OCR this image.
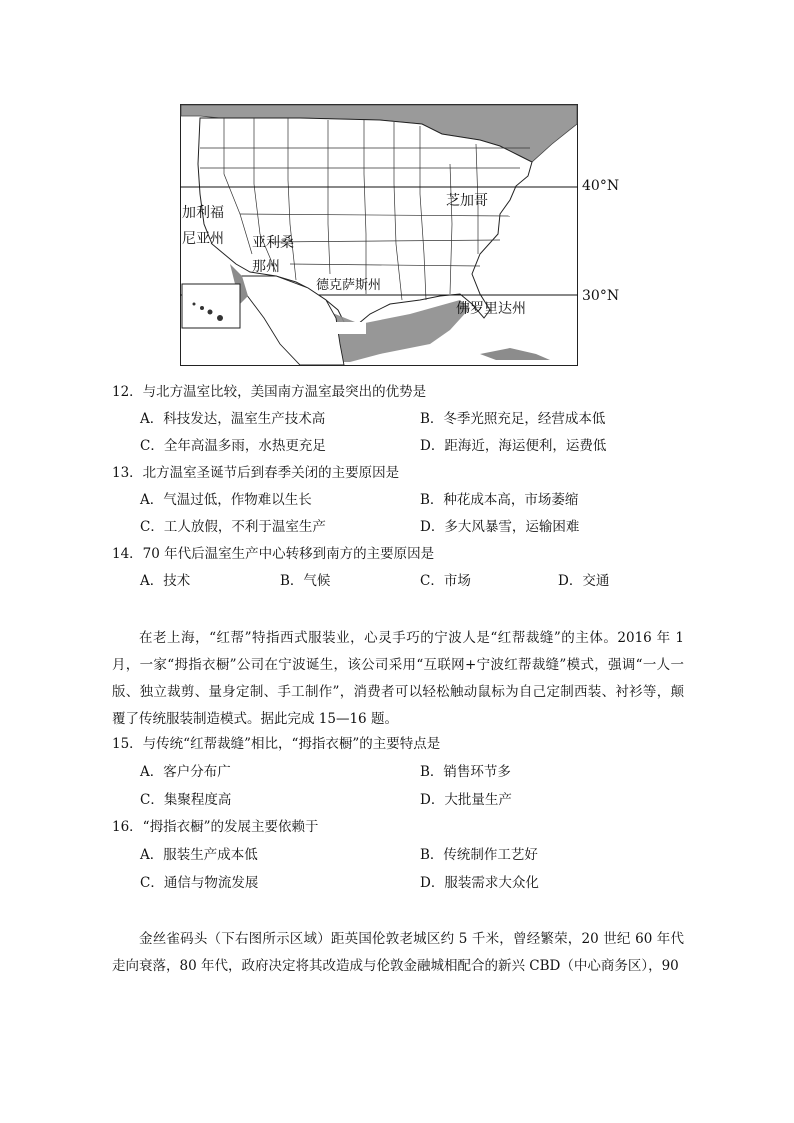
加利福
尼亚州 亚利桑
那州
德克萨斯州
芝加哥
佛罗里达州
40°N
30°N
12．与北方温室比较，美国南方温室最突出的优势是
A．科技发达，温室生产技术高	B．冬季光照充足，经营成本低
C．全年高温多雨，水热更充足	D．距海近，海运便利，运费低
13．北方温室圣诞节后到春季关闭的主要原因是
A．气温过低，作物难以生长	B．种花成本高，市场萎缩
C．工人放假，不利于温室生产	D．多大风暴雪，运输困难
14．70 年代后温室生产中心转移到南方的主要原因是
A．技术	B．气候	C．市场	D．交通
在老上海，“红帮”特指西式服装业，心灵手巧的宁波人是“红帮裁缝”的主体。2016 年 1 月，一家“拇指衣橱”公司在宁波诞生，该公司采用“互联网+宁波红帮裁缝”模式，强调“一人一版、独立裁剪、量身定制、手工制作”，消费者可以轻松触动鼠标为自己定制西装、衬衫等，颠覆了传统服装制造模式。据此完成 15—16 题。
15．与传统“红帮裁缝”相比，“拇指衣橱”的主要特点是
A．客户分布广	B．销售环节多
C．集聚程度高	D．大批量生产
16．“拇指衣橱”的发展主要依赖于
A．服装生产成本低	B．传统制作工艺好
C．通信与物流发展	D．服装需求大众化
金丝雀码头（下右图所示区域）距英国伦敦老城区约 5 千米，曾经繁荣，20 世纪 60 年代走向衰落，80 年代，政府决定将其改造成与伦敦金融城相配合的新兴 CBD（中心商务区），90
